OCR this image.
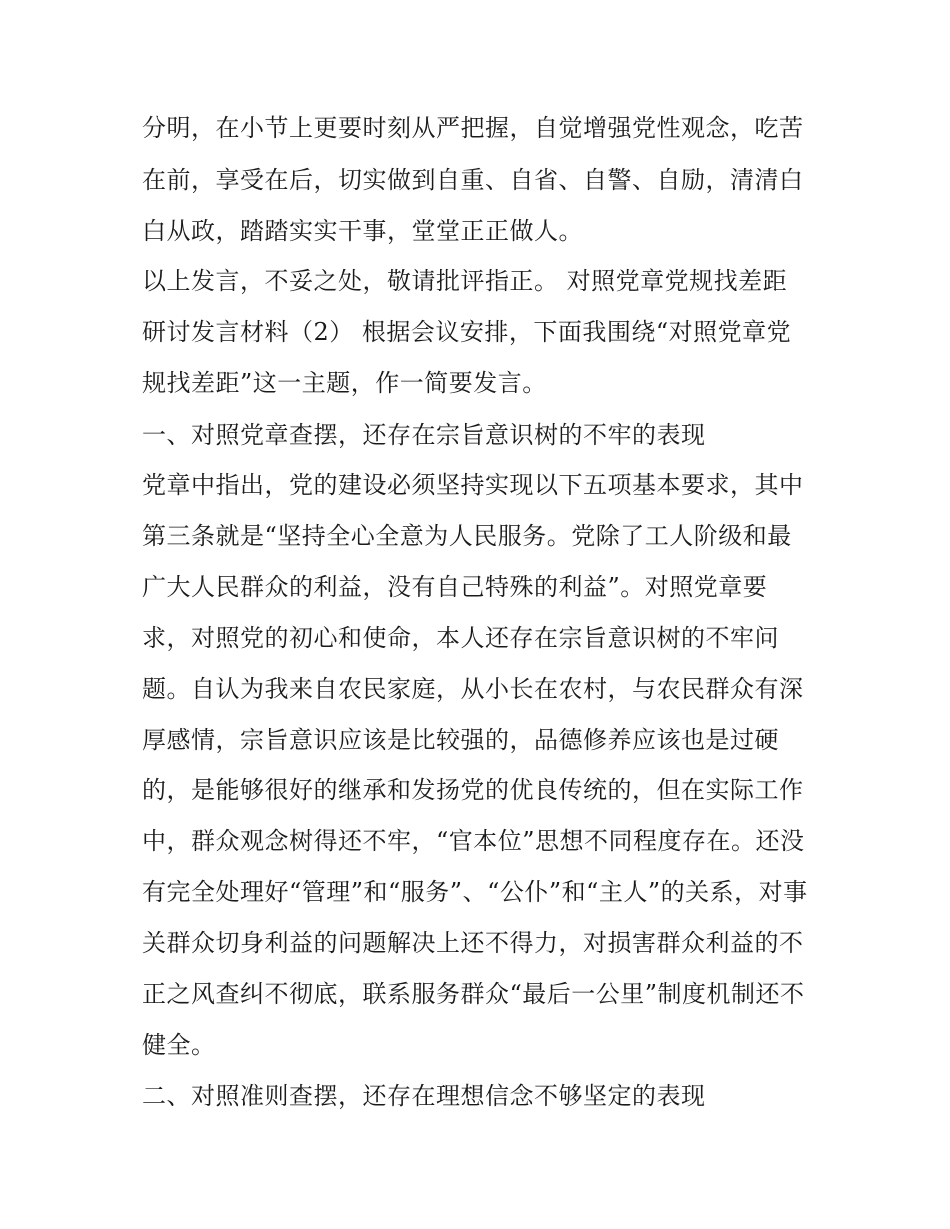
分明，在小节上更要时刻从严把握，自觉增强党性观念，吃苦
在前，享受在后，切实做到自重、自省、自警、自励，清清白
白从政，踏踏实实干事，堂堂正正做人。
以上发言，不妥之处，敬请批评指正。 对照党章党规找差距
研讨发言材料（2） 根据会议安排，下面我围绕“对照党章党
规找差距”这一主题，作一简要发言。
一、对照党章查摆，还存在宗旨意识树的不牢的表现
党章中指出，党的建设必须坚持实现以下五项基本要求，其中
第三条就是“坚持全心全意为人民服务。党除了工人阶级和最
广大人民群众的利益，没有自己特殊的利益”。对照党章要
求，对照党的初心和使命，本人还存在宗旨意识树的不牢问
题。自认为我来自农民家庭，从小长在农村，与农民群众有深
厚感情，宗旨意识应该是比较强的，品德修养应该也是过硬
的，是能够很好的继承和发扬党的优良传统的，但在实际工作
中，群众观念树得还不牢，“官本位”思想不同程度存在。还没
有完全处理好“管理”和“服务”、“公仆”和“主人”的关系，对事
关群众切身利益的问题解决上还不得力，对损害群众利益的不
正之风查纠不彻底，联系服务群众“最后一公里”制度机制还不
健全。
二、对照准则查摆，还存在理想信念不够坚定的表现
